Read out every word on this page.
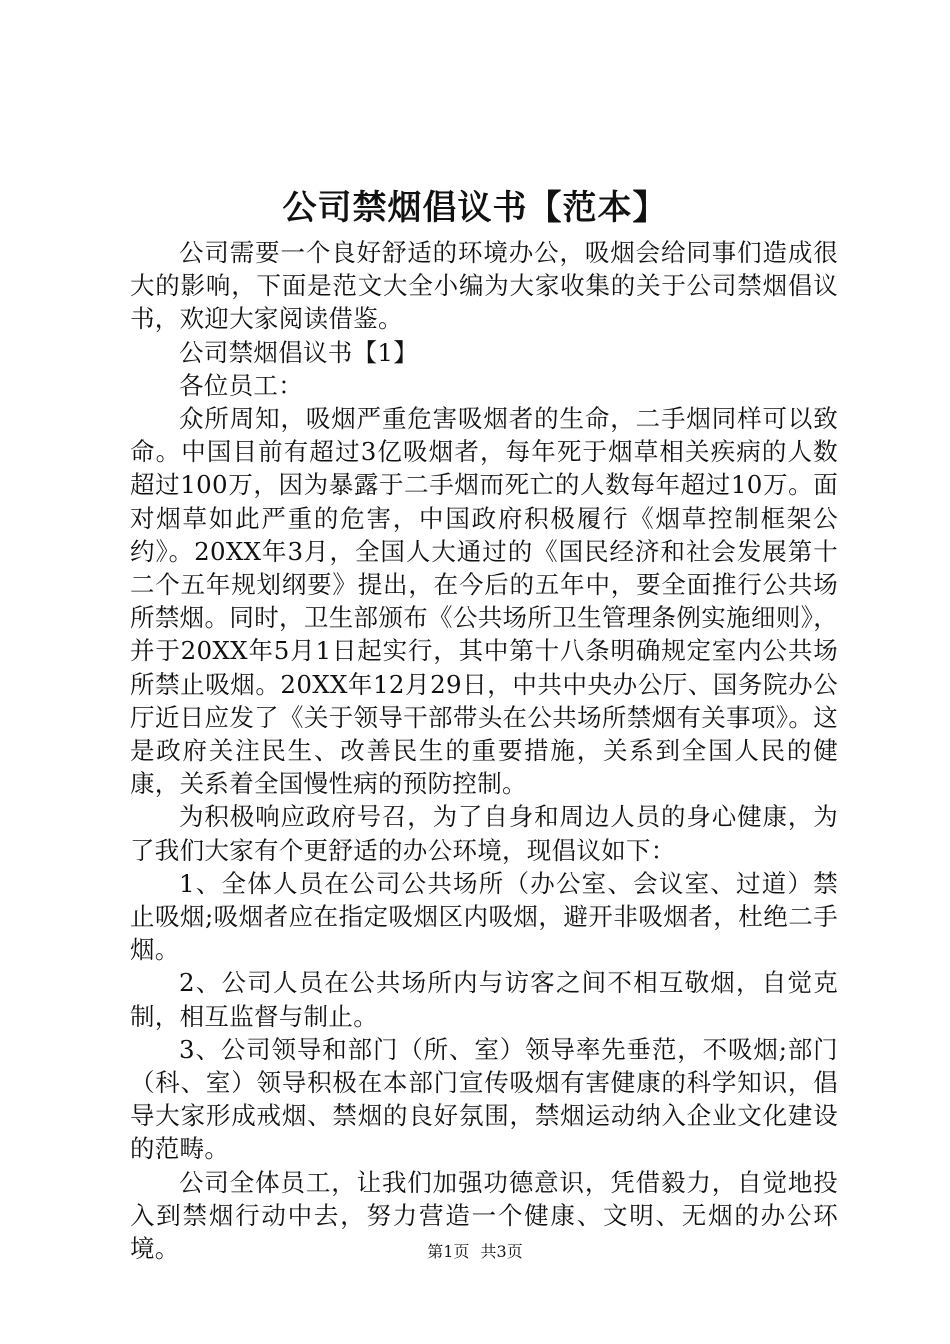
公司禁烟倡议书【范本】

公司需要一个良好舒适的环境办公，吸烟会给同事们造成很大的影响，下面是范文大全小编为大家收集的关于公司禁烟倡议书，欢迎大家阅读借鉴。

公司禁烟倡议书【1】

各位员工：

众所周知，吸烟严重危害吸烟者的生命，二手烟同样可以致命。中国目前有超过3亿吸烟者，每年死于烟草相关疾病的人数超过100万，因为暴露于二手烟而死亡的人数每年超过10万。面对烟草如此严重的危害，中国政府积极履行《烟草控制框架公约》。20XX年3月，全国人大通过的《国民经济和社会发展第十二个五年规划纲要》提出，在今后的五年中，要全面推行公共场所禁烟。同时，卫生部颁布《公共场所卫生管理条例实施细则》，并于20XX年5月1日起实行，其中第十八条明确规定室内公共场所禁止吸烟。20XX年12月29日，中共中央办公厅、国务院办公厅近日应发了《关于领导干部带头在公共场所禁烟有关事项》。这是政府关注民生、改善民生的重要措施，关系到全国人民的健康，关系着全国慢性病的预防控制。

为积极响应政府号召，为了自身和周边人员的身心健康，为了我们大家有个更舒适的办公环境，现倡议如下：

1、全体人员在公司公共场所（办公室、会议室、过道）禁止吸烟;吸烟者应在指定吸烟区内吸烟，避开非吸烟者，杜绝二手烟。

2、公司人员在公共场所内与访客之间不相互敬烟，自觉克制，相互监督与制止。

3、公司领导和部门（所、室）领导率先垂范，不吸烟;部门（科、室）领导积极在本部门宣传吸烟有害健康的科学知识，倡导大家形成戒烟、禁烟的良好氛围，禁烟运动纳入企业文化建设的范畴。

公司全体员工，让我们加强功德意识，凭借毅力，自觉地投入到禁烟行动中去，努力营造一个健康、文明、无烟的办公环境。	第1页 共3页
